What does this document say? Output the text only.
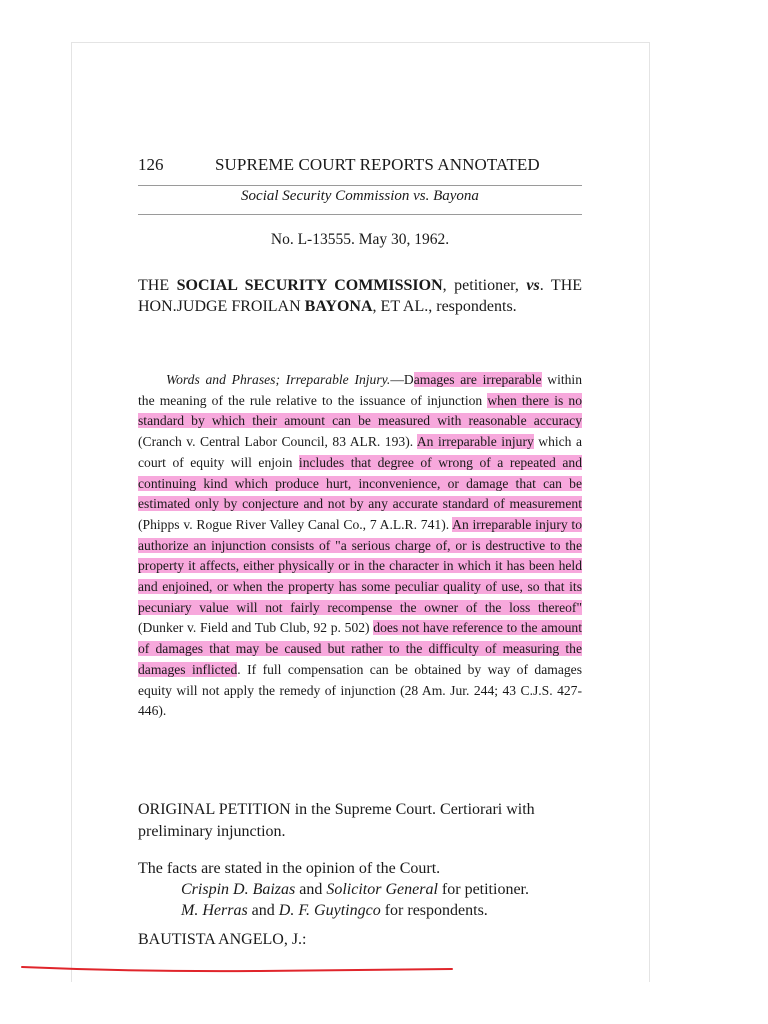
126	SUPREME COURT REPORTS ANNOTATED
Social Security Commission vs. Bayona
No. L-13555. May 30, 1962.
THE SOCIAL SECURITY COMMISSION, petitioner, vs. THE HON.JUDGE FROILAN BAYONA, ET AL., respondents.
Words and Phrases; Irreparable Injury.—Damages are irreparable within the meaning of the rule relative to the issuance of injunction when there is no standard by which their amount can be measured with reasonable accuracy (Cranch v. Central Labor Council, 83 ALR. 193). An irreparable injury which a court of equity will enjoin includes that degree of wrong of a repeated and continuing kind which produce hurt, inconvenience, or damage that can be estimated only by conjecture and not by any accurate standard of measurement (Phipps v. Rogue River Valley Canal Co., 7 A.L.R. 741). An irreparable injury to authorize an injunction consists of "a serious charge of, or is destructive to the property it affects, either physically or in the character in which it has been held and enjoined, or when the property has some peculiar quality of use, so that its pecuniary value will not fairly recompense the owner of the loss thereof" (Dunker v. Field and Tub Club, 92 p. 502) does not have reference to the amount of damages that may be caused but rather to the difficulty of measuring the damages inflicted. If full compensation can be obtained by way of damages equity will not apply the remedy of injunction (28 Am. Jur. 244; 43 C.J.S. 427-446).
ORIGINAL PETITION in the Supreme Court. Certiorari with preliminary injunction.
The facts are stated in the opinion of the Court.
Crispin D. Baizas and Solicitor General for petitioner.
M. Herras and D. F. Guytingco for respondents.
BAUTISTA ANGELO, J.:
